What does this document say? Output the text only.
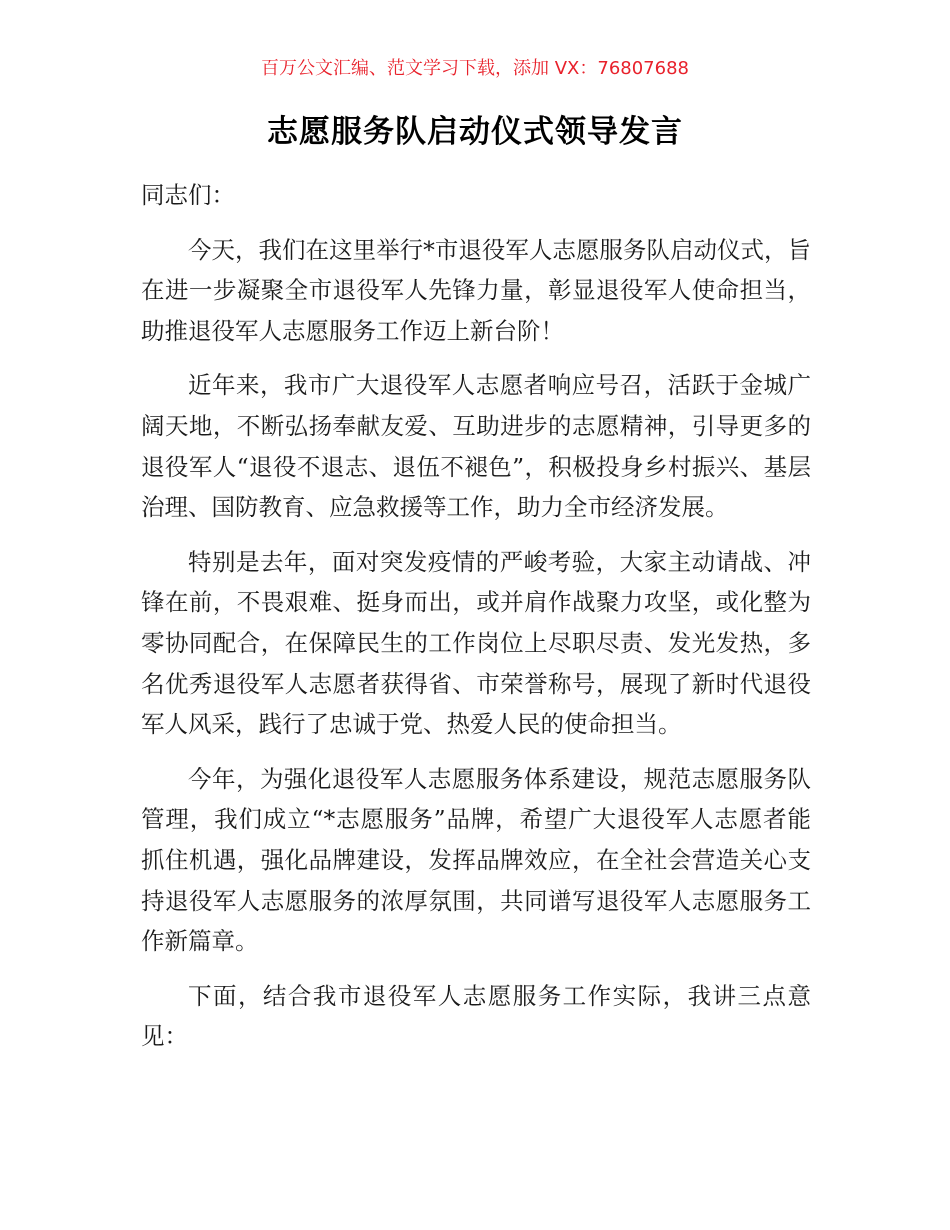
百万公文汇编、范文学习下载，添加 VX：76807688
志愿服务队启动仪式领导发言

同志们：

今天，我们在这里举行*市退役军人志愿服务队启动仪式，旨在进一步凝聚全市退役军人先锋力量，彰显退役军人使命担当，助推退役军人志愿服务工作迈上新台阶！

近年来，我市广大退役军人志愿者响应号召，活跃于金城广阔天地，不断弘扬奉献友爱、互助进步的志愿精神，引导更多的退役军人“退役不退志、退伍不褪色”，积极投身乡村振兴、基层治理、国防教育、应急救援等工作，助力全市经济发展。

特别是去年，面对突发疫情的严峻考验，大家主动请战、冲锋在前，不畏艰难、挺身而出，或并肩作战聚力攻坚，或化整为零协同配合，在保障民生的工作岗位上尽职尽责、发光发热，多名优秀退役军人志愿者获得省、市荣誉称号，展现了新时代退役军人风采，践行了忠诚于党、热爱人民的使命担当。

今年，为强化退役军人志愿服务体系建设，规范志愿服务队管理，我们成立“*志愿服务”品牌，希望广大退役军人志愿者能抓住机遇，强化品牌建设，发挥品牌效应，在全社会营造关心支持退役军人志愿服务的浓厚氛围，共同谱写退役军人志愿服务工作新篇章。

下面，结合我市退役军人志愿服务工作实际，我讲三点意见：
